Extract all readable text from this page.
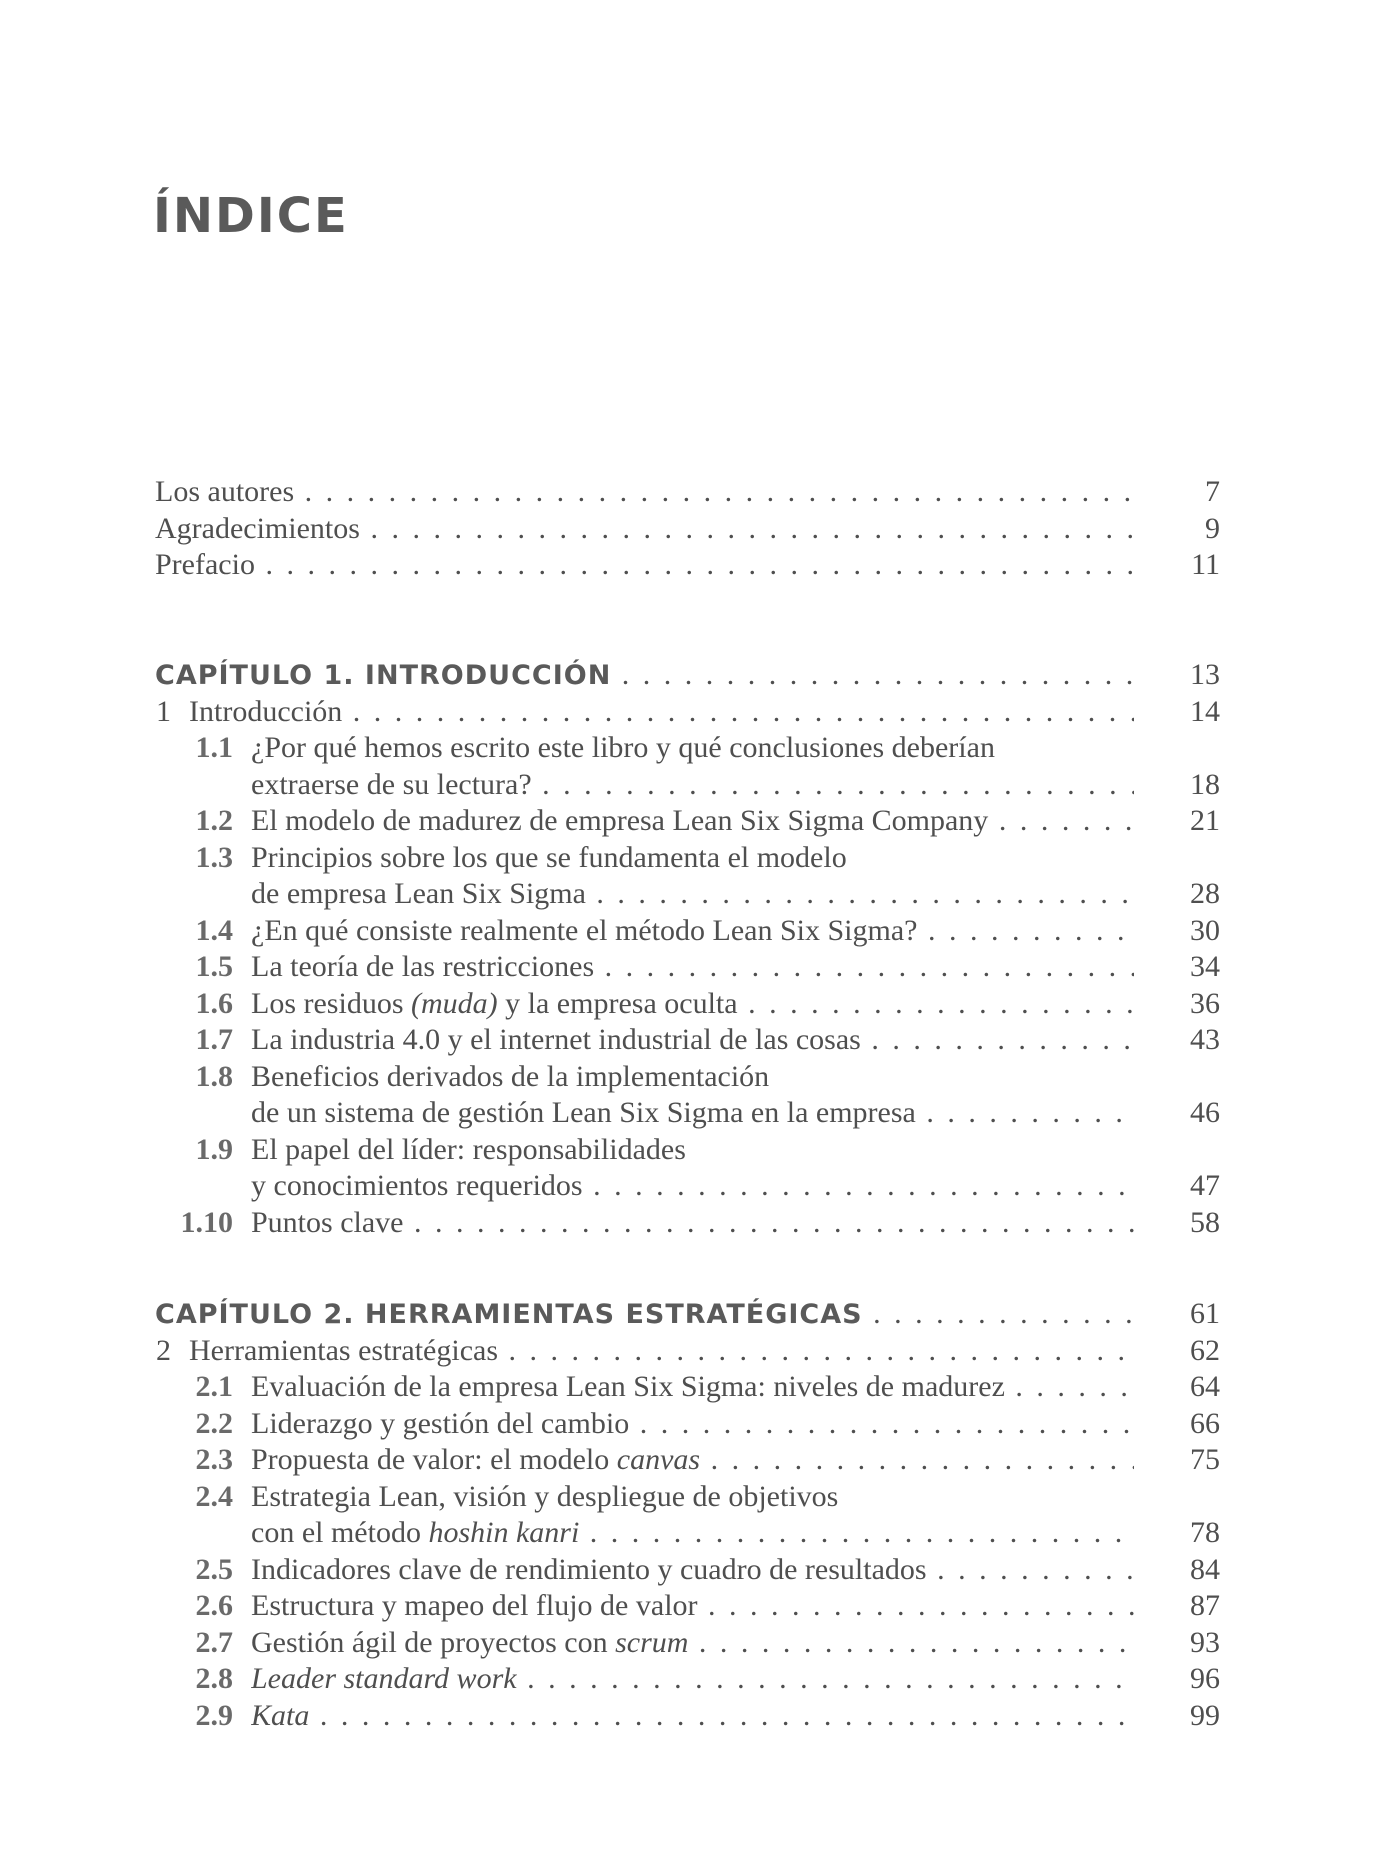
ÍNDICE
Los autores . . .	7
Agradecimientos . . .	9
Prefacio . . .	11
CAPÍTULO 1. INTRODUCCIÓN . . .	13
1 Introducción . . .	14
1.1 ¿Por qué hemos escrito este libro y qué conclusiones deberían
extraerse de su lectura? . . .	18
1.2 El modelo de madurez de empresa Lean Six Sigma Company . . .	21
1.3 Principios sobre los que se fundamenta el modelo
de empresa Lean Six Sigma . . .	28
1.4 ¿En qué consiste realmente el método Lean Six Sigma? . . .	30
1.5 La teoría de las restricciones . . .	34
1.6 Los residuos (muda) y la empresa oculta . . .	36
1.7 La industria 4.0 y el internet industrial de las cosas . . .	43
1.8 Beneficios derivados de la implementación
de un sistema de gestión Lean Six Sigma en la empresa . . .	46
1.9 El papel del líder: responsabilidades
y conocimientos requeridos . . .	47
1.10 Puntos clave . . .	58
CAPÍTULO 2. HERRAMIENTAS ESTRATÉGICAS . . .	61
2 Herramientas estratégicas . . .	62
2.1 Evaluación de la empresa Lean Six Sigma: niveles de madurez . . .	64
2.2 Liderazgo y gestión del cambio . . .	66
2.3 Propuesta de valor: el modelo canvas . . .	75
2.4 Estrategia Lean, visión y despliegue de objetivos
con el método hoshin kanri . . .	78
2.5 Indicadores clave de rendimiento y cuadro de resultados . . .	84
2.6 Estructura y mapeo del flujo de valor . . .	87
2.7 Gestión ágil de proyectos con scrum . . .	93
2.8 Leader standard work . . .	96
2.9 Kata . . .	99
